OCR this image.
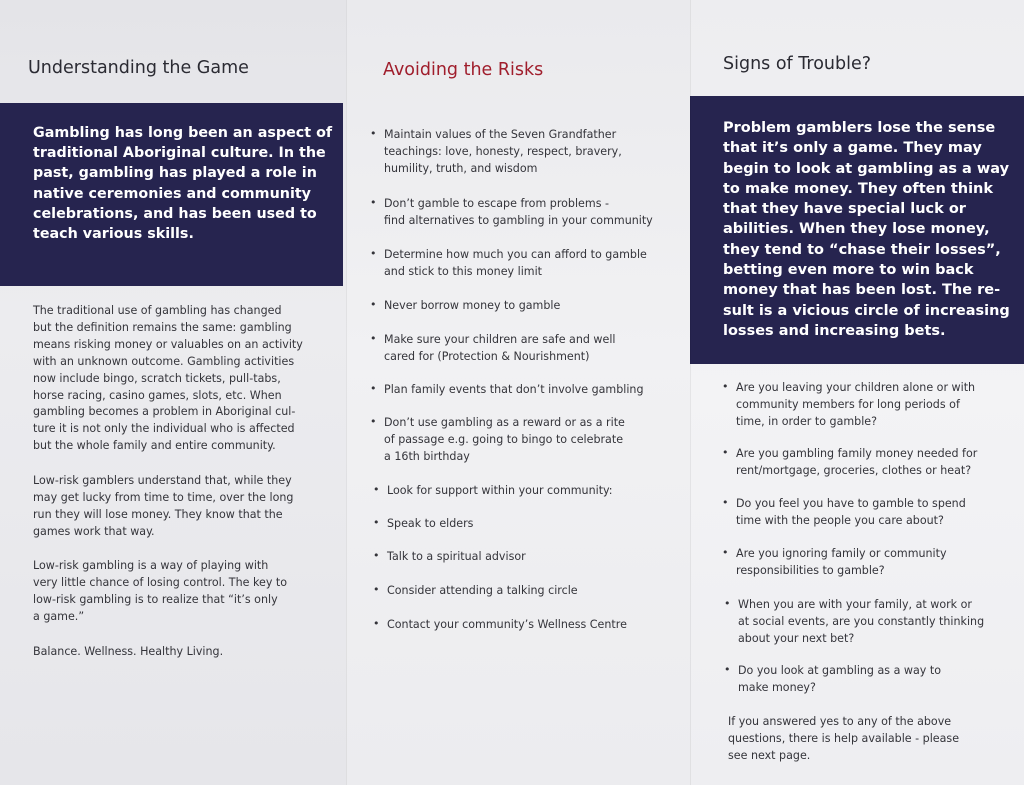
Understanding the Game
Gambling has long been an aspect of traditional Aboriginal culture. In the past, gambling has played a role in native ceremonies and community celebrations, and has been used to teach various skills.

The traditional use of gambling has changed
but the definition remains the same: gambling
means risking money or valuables on an activity
with an unknown outcome. Gambling activities
now include bingo, scratch tickets, pull-tabs,
horse racing, casino games, slots, etc. When
gambling becomes a problem in Aboriginal cul-
ture it is not only the individual who is affected
but the whole family and entire community.

Low-risk gamblers understand that, while they
may get lucky from time to time, over the long
run they will lose money. They know that the
games work that way.

Low-risk gambling is a way of playing with
very little chance of losing control. The key to
low-risk gambling is to realize that “it’s only
a game.”

Balance. Wellness. Healthy Living.

Avoiding the Risks
• Maintain values of the Seven Grandfather
teachings: love, honesty, respect, bravery,
humility, truth, and wisdom
• Don’t gamble to escape from problems -
find alternatives to gambling in your community
• Determine how much you can afford to gamble
and stick to this money limit
• Never borrow money to gamble
• Make sure your children are safe and well
cared for (Protection & Nourishment)
• Plan family events that don’t involve gambling
• Don’t use gambling as a reward or as a rite
of passage e.g. going to bingo to celebrate
a 16th birthday
• Look for support within your community:
• Speak to elders
• Talk to a spiritual advisor
• Consider attending a talking circle
• Contact your community’s Wellness Centre
Signs of Trouble?
Problem gamblers lose the sense that it’s only a game. They may begin to look at gambling as a way to make money. They often think that they have special luck or abilities. When they lose money, they tend to “chase their losses”, betting even more to win back money that has been lost. The re-sult is a vicious circle of increasing losses and increasing bets.
• Are you leaving your children alone or with
community members for long periods of
time, in order to gamble?
• Are you gambling family money needed for
rent/mortgage, groceries, clothes or heat?
• Do you feel you have to gamble to spend
time with the people you care about?
• Are you ignoring family or community
responsibilities to gamble?
• When you are with your family, at work or
at social events, are you constantly thinking
about your next bet?
• Do you look at gambling as a way to
make money?

If you answered yes to any of the above
questions, there is help available - please
see next page.
